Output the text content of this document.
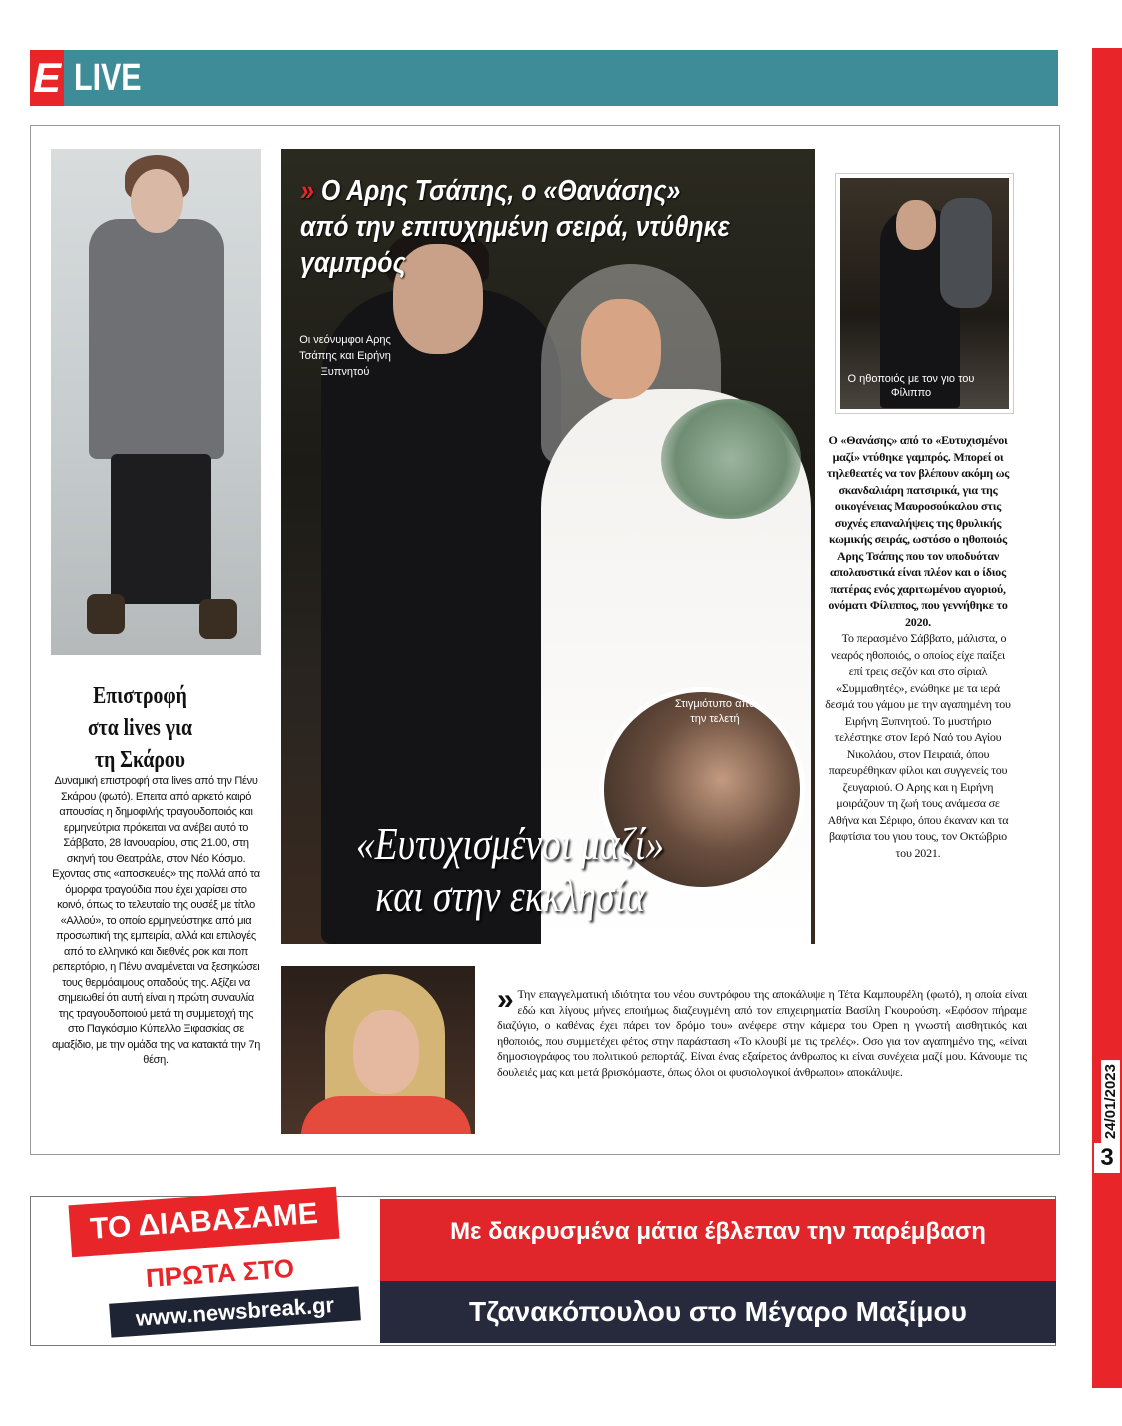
24/01/2023
3
E LIVE
» Ο Αρης Τσάπης, ο «Θανάσης» από την επιτυχημένη σειρά, ντύθηκε γαμπρός
Οι νεόνυμφοι Αρης Τσάπης και Ειρήνη Ξυπνητού
Στιγμιότυπο από την τελετή
«Ευτυχισμένοι μαζί» και στην εκκλησία
Ο ηθοποιός με τον γιο του Φίλιππο
Επιστροφή στα lives για τη Σκάρου
Δυναμική επιστροφή στα lives από την Πένυ Σκάρου (φωτό). Επειτα από αρκετό καιρό απουσίας η δημοφιλής τραγουδοποιός και ερμηνεύτρια πρόκειται να ανέβει αυτό το Σάββατο, 28 Ιανουαρίου, στις 21.00, στη σκηνή του Θεατράλε, στον Νέο Κόσμο. Εχοντας στις «αποσκευές» της πολλά από τα όμορφα τραγούδια που έχει χαρίσει στο κοινό, όπως το τελευταίο της ουσέξ με τίτλο «Αλλού», το οποίο ερμηνεύστηκε από μια προσωπική της εμπειρία, αλλά και επιλογές από το ελληνικό και διεθνές ροκ και ποπ ρεπερτόριο, η Πένυ αναμένεται να ξεσηκώσει τους θερμόαιμους οπαδούς της. Αξίζει να σημειωθεί ότι αυτή είναι η πρώτη συναυλία της τραγουδοποιού μετά τη συμμετοχή της στο Παγκόσμιο Κύπελλο Ξιφασκίας σε αμαξίδιο, με την ομάδα της να κατακτά την 7η θέση.
Ο «Θανάσης» από το «Ευτυχισμένοι μαζί» ντύθηκε γαμπρός. Μπορεί οι τηλεθεατές να τον βλέπουν ακόμη ως σκανδαλιάρη πατσιρικά, για της οικογένειας Μαυροσούκαλου στις συχνές επαναλήψεις της θρυλικής κωμικής σειράς, ωστόσο ο ηθοποιός Αρης Τσάπης που τον υποδυόταν απολαυστικά είναι πλέον και ο ίδιος πατέρας ενός χαριτωμένου αγοριού, ονόματι Φίλιππος, που γεννήθηκε το 2020.

Το περασμένο Σάββατο, μάλιστα, ο νεαρός ηθοποιός, ο οποίος είχε παίξει επί τρεις σεζόν και στο σίριαλ «Συμμαθητές», ενώθηκε με τα ιερά δεσμά του γάμου με την αγαπημένη του Ειρήνη Ξυπνητού. Το μυστήριο τελέστηκε στον Ιερό Ναό του Αγίου Νικολάου, στον Πειραιά, όπου παρευρέθηκαν φίλοι και συγγενείς του ζευγαριού. Ο Αρης και η Ειρήνη μοιράζουν τη ζωή τους ανάμεσα σε Αθήνα και Σέριφο, όπου έκαναν και τα βαφτίσια του γιου τους, τον Οκτώβριο του 2021.

» Την επαγγελματική ιδιότητα του νέου συντρόφου της αποκάλυψε η Τέτα Καμπουρέλη (φωτό), η οποία είναι εδώ και λίγους μήνες εποιήμως διαζευγμένη από τον επιχειρηματία Βασίλη Γκουρούση. «Εφόσον πήραμε διαζύγιο, ο καθένας έχει πάρει τον δρόμο του» ανέφερε στην κάμερα του Open η γνωστή αισθητικός και ηθοποιός, που συμμετέχει φέτος στην παράσταση «Το κλουβί με τις τρελές». Οσο για τον αγαπημένο της, «είναι δημοσιογράφος του πολιτικού ρεπορτάζ. Είναι ένας εξαίρετος άνθρωπος κι είναι συνέχεια μαζί μου. Κάνουμε τις δουλειές μας και μετά βρισκόμαστε, όπως όλοι οι φυσιολογικοί άνθρωποι» αποκάλυψε.
ΤΟ ΔΙΑΒΑΣΑΜΕ
ΠΡΩΤΑ ΣΤΟ
www.newsbreak.gr
Με δακρυσμένα μάτια έβλεπαν την παρέμβαση
Τζανακόπουλου στο Μέγαρο Μαξίμου
